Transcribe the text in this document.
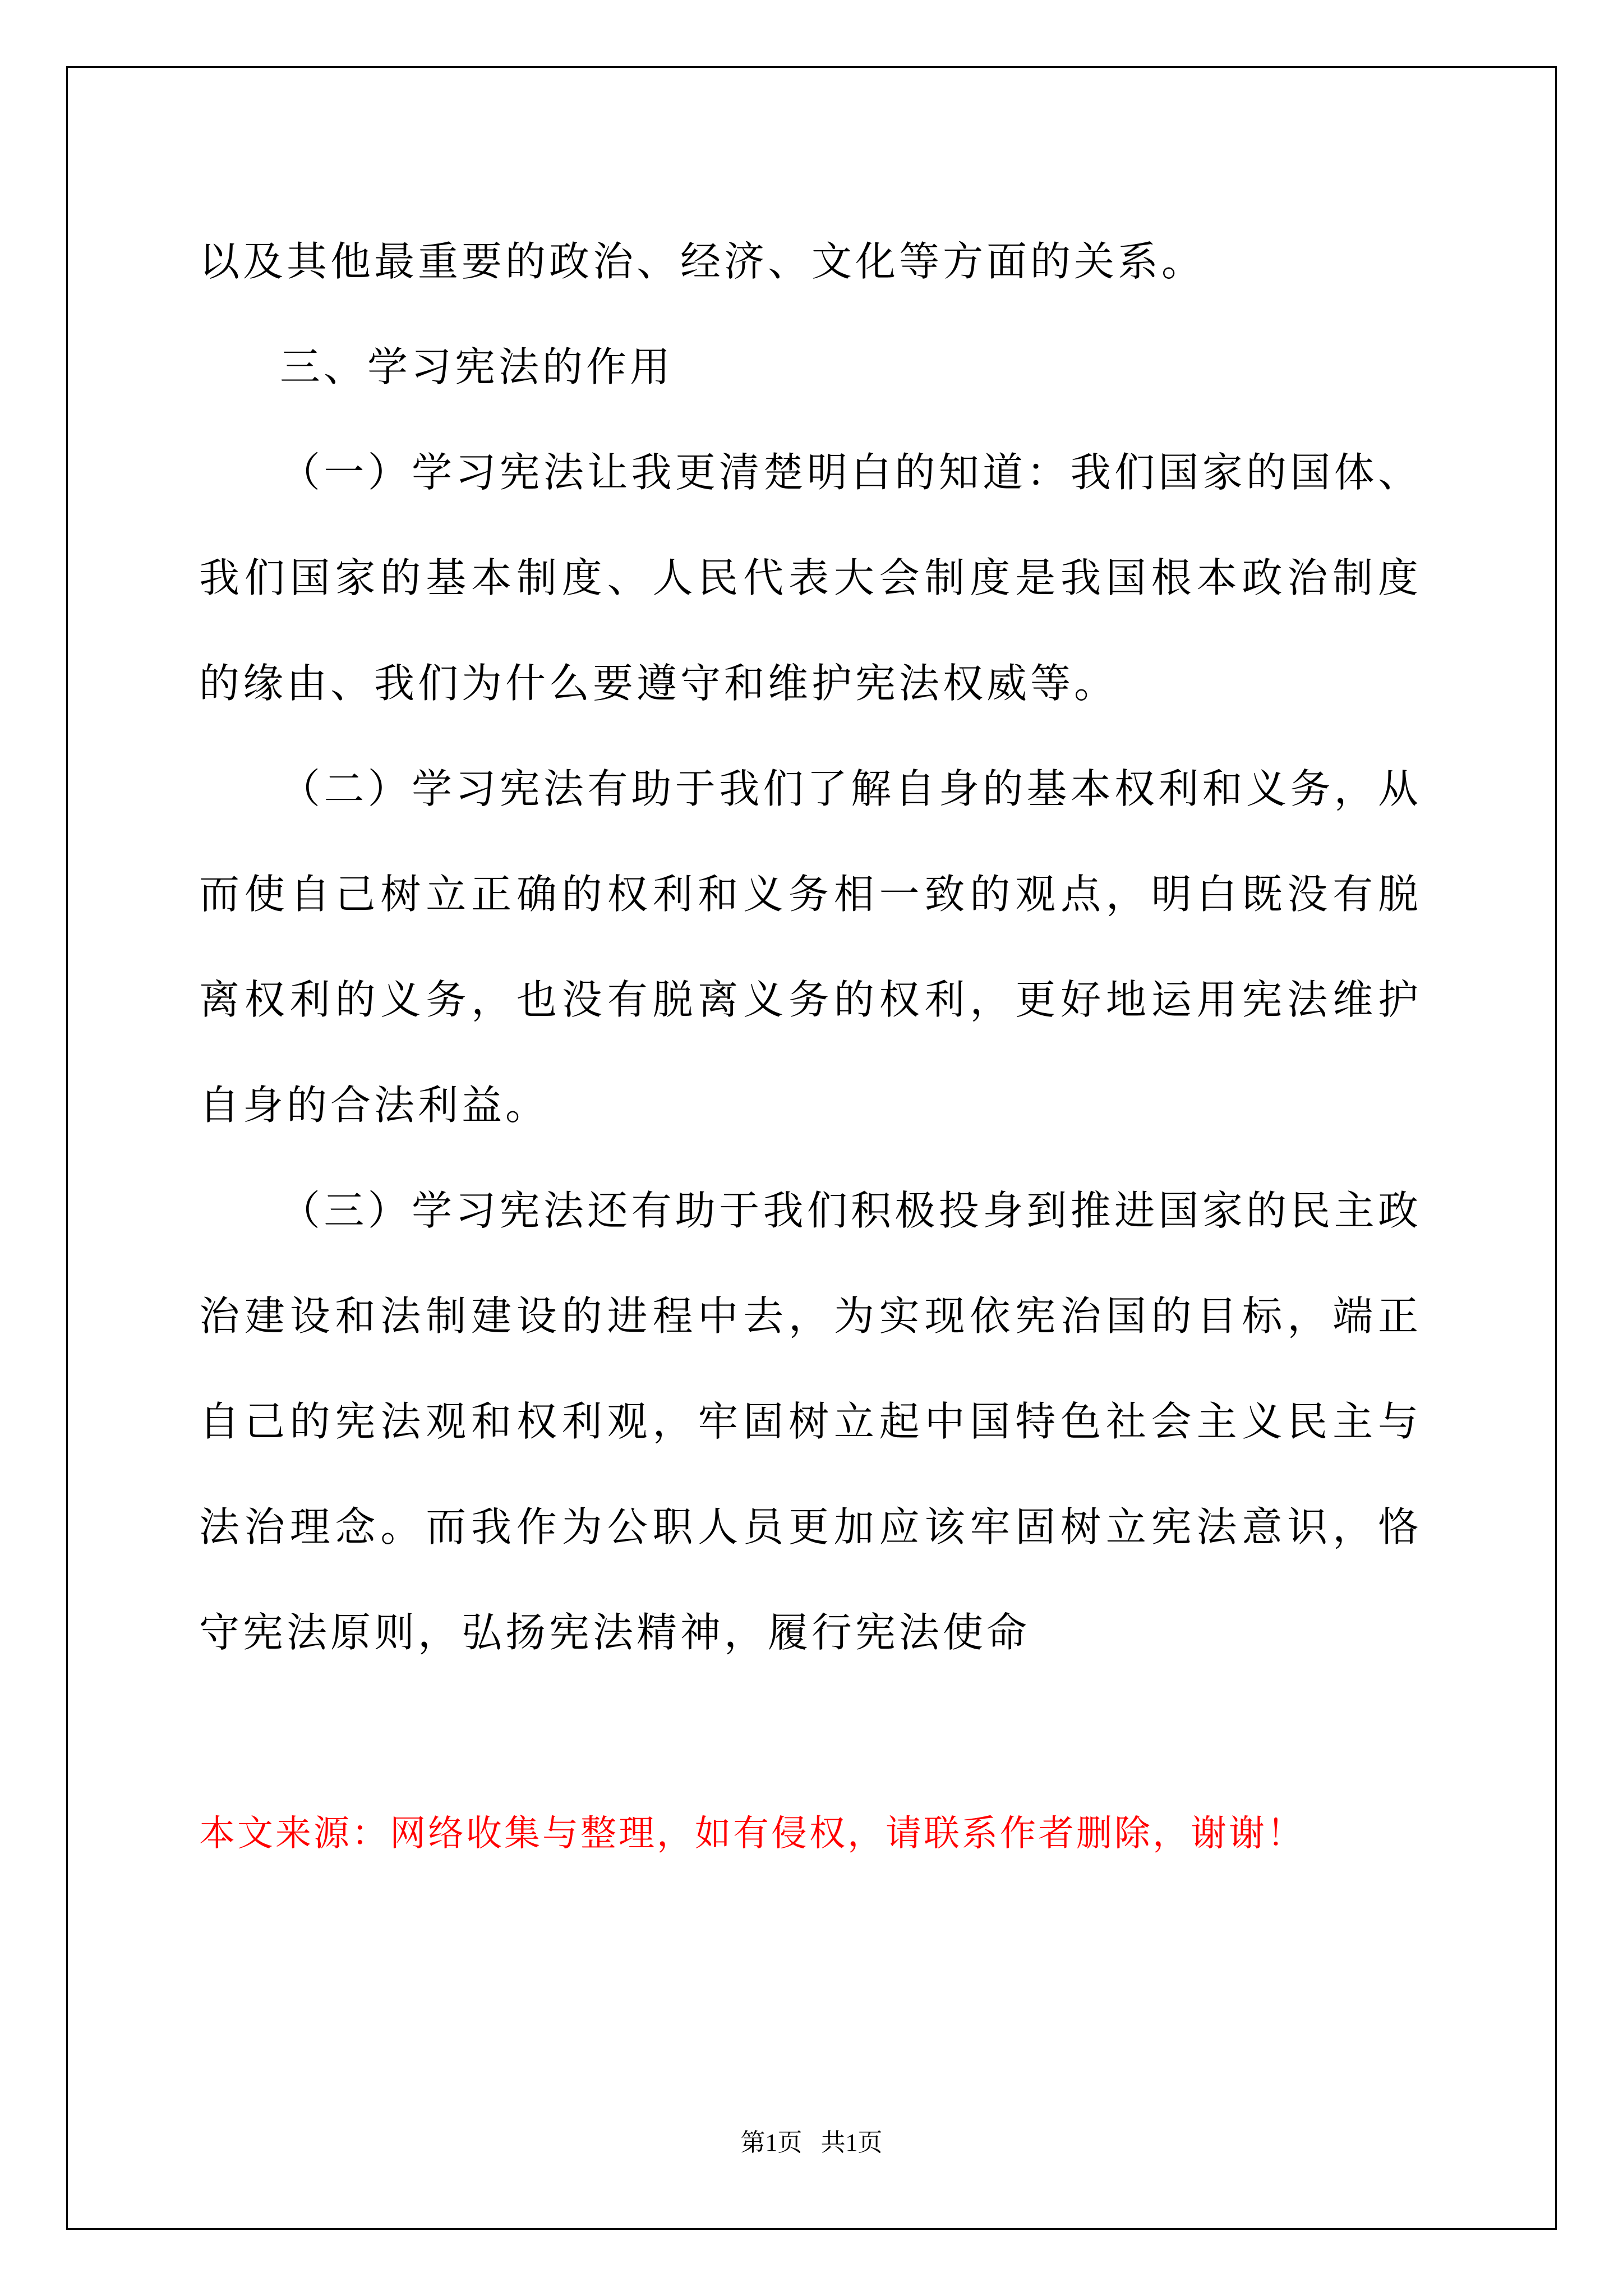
以及其他最重要的政治、经济、文化等方面的关系。

三、学习宪法的作用

（一）学习宪法让我更清楚明白的知道：我们国家的国体、我们国家的基本制度、人民代表大会制度是我国根本政治制度的缘由、我们为什么要遵守和维护宪法权威等。

（二）学习宪法有助于我们了解自身的基本权利和义务，从而使自己树立正确的权利和义务相一致的观点，明白既没有脱离权利的义务，也没有脱离义务的权利，更好地运用宪法维护自身的合法利益。

（三）学习宪法还有助于我们积极投身到推进国家的民主政治建设和法制建设的进程中去，为实现依宪治国的目标，端正自己的宪法观和权利观，牢固树立起中国特色社会主义民主与法治理念。而我作为公职人员更加应该牢固树立宪法意识，恪守宪法原则，弘扬宪法精神，履行宪法使命

本文来源：网络收集与整理，如有侵权，请联系作者删除，谢谢！
第1页   共1页
